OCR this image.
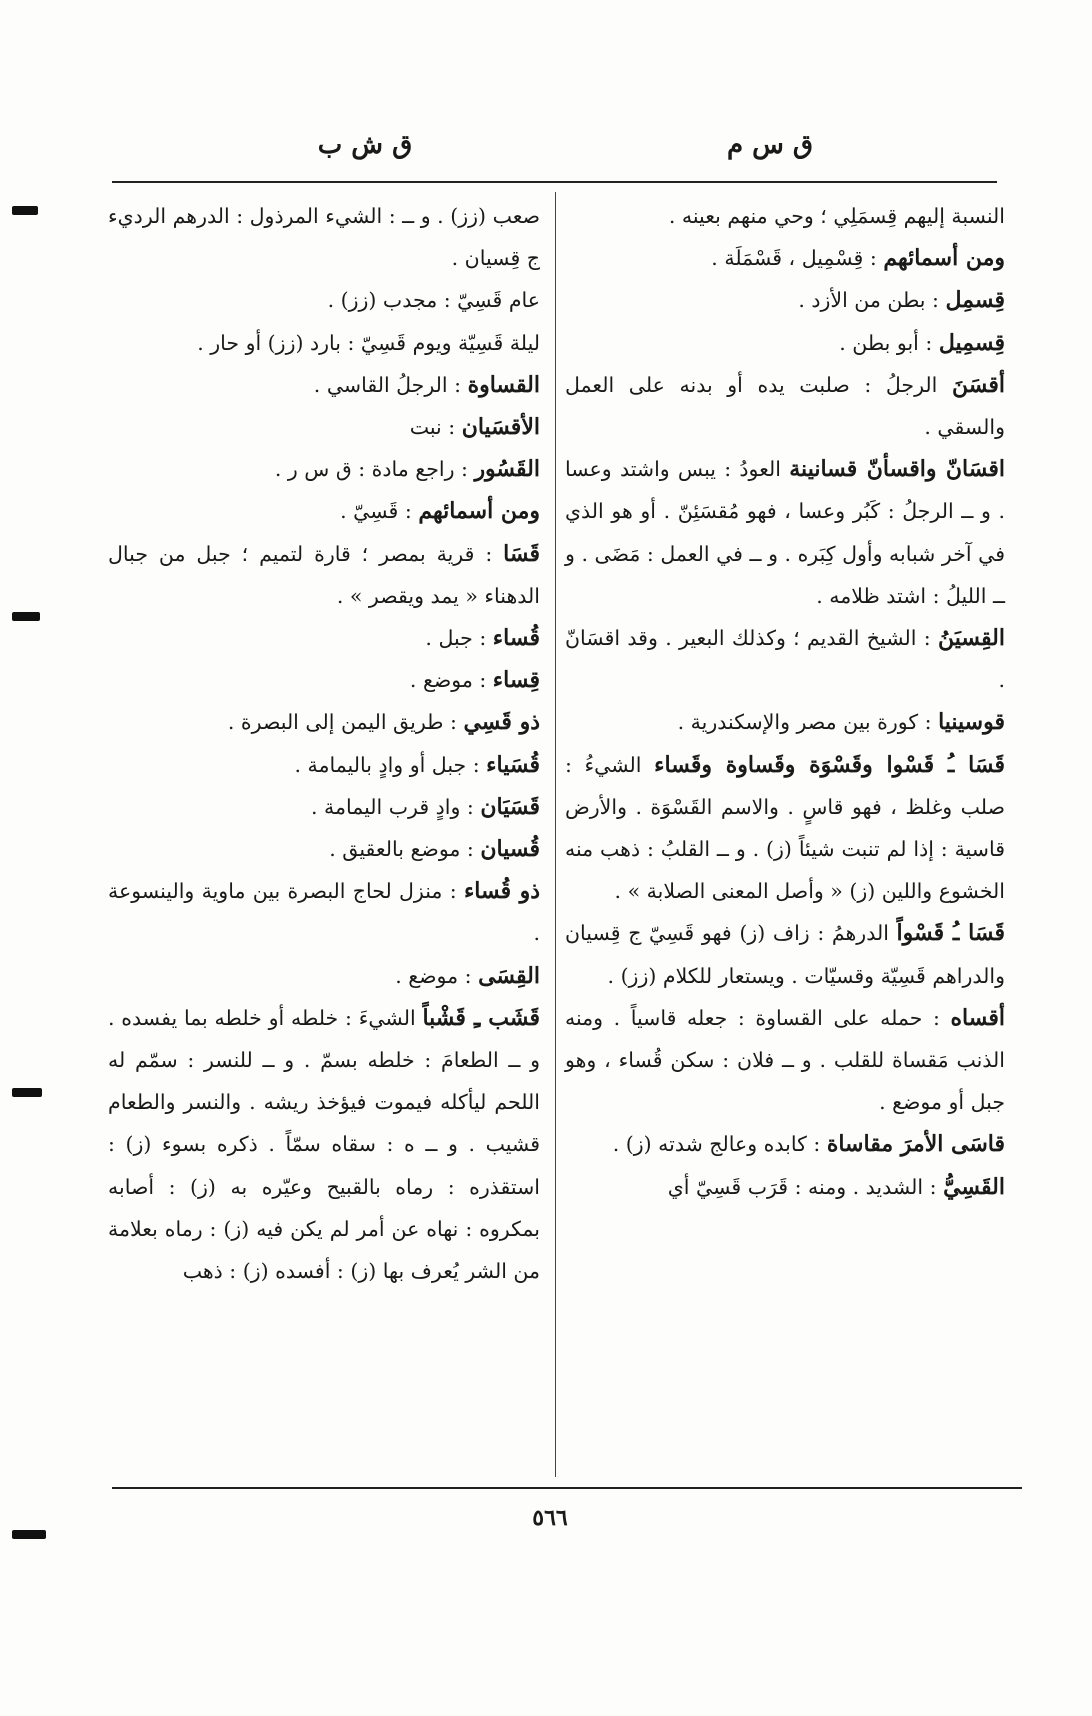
ق س م
ق ش ب

النسبة إليهم قِسمَلِي ؛ وحي منهم بعينه .

ومن أسمائهم : قِسْمِيل ، قَسْمَلَة .

قِسمِل : بطن من الأزد .

قِسمِيل : أبو بطن .

أقسَنَ الرجلُ : صلبت يده أو بدنه على العمل والسقي .

اقسَانّ واقسأنّ قسانينة العودُ : يبس واشتد وعسا . و ــ الرجلُ : كَبُر وعسا ، فهو مُقسَئِنّ . أو هو الذي في آخر شبابه وأول كِبَره . و ــ في العمل : مَضَى . و ــ الليلُ : اشتد ظلامه .

القِسيَنُ : الشيخ القديم ؛ وكذلك البعير . وقد اقسَانّ .

قوسينيا : كورة بين مصر والإسكندرية .

قَسَا ـُ قَسْوا وقَسْوَة وقَساوة وقَساء الشيءُ : صلب وغلظ ، فهو قاسٍ . والاسم القَسْوَة . والأرض قاسية : إذا لم تنبت شيئاً (ز) . و ــ القلبُ : ذهب منه الخشوع واللين (ز) « وأصل المعنى الصلابة » .

قَسَا ـُ قَسْواً الدرهمُ : زاف (ز) فهو قَسِيّ ج قِسيان والدراهم قَسِيّة وقسيّات . ويستعار للكلام (زز) .

أقساه : حمله على القساوة : جعله قاسياً . ومنه الذنب مَقساة للقلب . و ــ فلان : سكن قُساء ، وهو جبل أو موضع .

قاسَى الأمرَ مقاساة : كابده وعالج شدته (ز) .

القَسِيُّ : الشديد . ومنه : قَرَب قَسِيّ أي

صعب (زز) . و ــ : الشيء المرذول : الدرهم الرديء ج قِسيان .

عام قَسِيّ : مجدب (زز) .

ليلة قَسِيّة ويوم قَسِيّ : بارد (زز) أو حار .

القساوة : الرجلُ القاسي .

الأقسَيان : نبت

القَسُور : راجع مادة : ق س ر .

ومن أسمائهم : قَسِيّ .

قَسَا : قرية بمصر ؛ قارة لتميم ؛ جبل من جبال الدهناء « يمد ويقصر » .

قُساء : جبل .

قِساء : موضع .

ذو قَسِي : طريق اليمن إلى البصرة .

قُسَياء : جبل أو وادٍ باليمامة .

قَسَيَان : وادٍ قرب اليمامة .

قُسيان : موضع بالعقيق .

ذو قُساء : منزل لحاج البصرة بين ماوية والينسوعة .

القِسَى : موضع .

قَشَب ـِ قَشْباً الشيءَ : خلطه أو خلطه بما يفسده . و ــ الطعامَ : خلطه بسمّ . و ــ للنسر : سمّم له اللحم ليأكله فيموت فيؤخذ ريشه . والنسر والطعام قشيب . و ــ ه : سقاه سمّاً . ذكره بسوء (ز) : استقذره : رماه بالقبيح وعيّره به (ز) : أصابه بمكروه : نهاه عن أمر لم يكن فيه (ز) : رماه بعلامة من الشر يُعرف بها (ز) : أفسده (ز) : ذهب

٥٦٦
